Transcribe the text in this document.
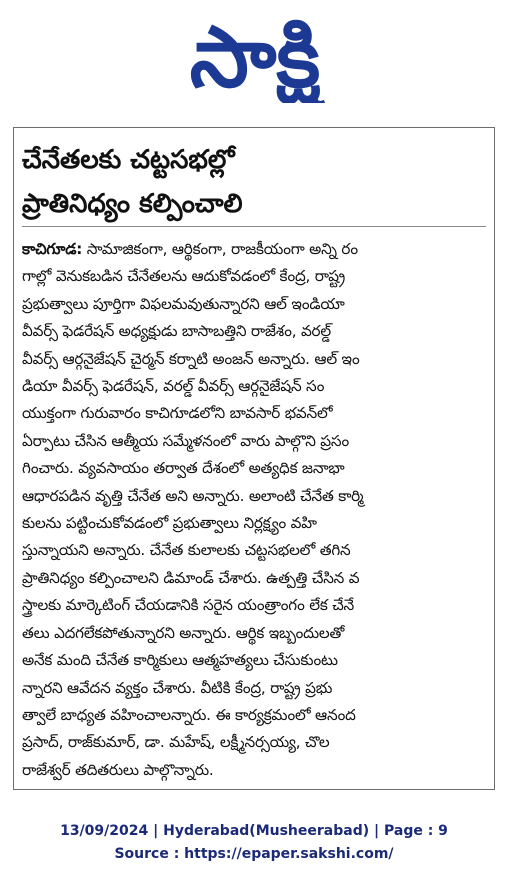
సాక్షి
చేనేతలకు చట్టసభల్లో
ప్రాతినిధ్యం కల్పించాలి
కాచిగూడ: సామాజికంగా, ఆర్థికంగా, రాజకీయంగా అన్ని రం
గాల్లో వెనుకబడిన చేనేతలను ఆదుకోవడంలో కేంద్ర, రాష్ట్ర
ప్రభుత్వాలు పూర్తిగా విఫలమవుతున్నారని ఆల్ ఇండియా
వీవర్స్ ఫెడరేషన్ అధ్యక్షుడు బాసాబత్తిని రాజేశం, వరల్డ్
వీవర్స్ ఆర్గనైజేషన్ చైర్మన్ కర్నాటి అంజన్ అన్నారు. ఆల్ ఇం
డియా వీవర్స్ ఫెడరేషన్, వరల్డ్ వీవర్స్ ఆర్గనైజేషన్ సం
యుక్తంగా గురువారం కాచిగూడలోని బావసార్ భవన్‌లో
ఏర్పాటు చేసిన ఆత్మీయ సమ్మేళనంలో వారు పాల్గొని ప్రసం
గించారు. వ్యవసాయం తర్వాత దేశంలో అత్యధిక జనాభా
ఆధారపడిన వృత్తి చేనేత అని అన్నారు. అలాంటి చేనేత కార్మి
కులను పట్టించుకోవడంలో ప్రభుత్వాలు నిర్లక్ష్యం వహి
స్తున్నాయని అన్నారు. చేనేత కులాలకు చట్టసభలలో తగిన
ప్రాతినిధ్యం కల్పించాలని డిమాండ్ చేశారు. ఉత్పత్తి చేసిన వ
స్త్రాలకు మార్కెటింగ్ చేయడానికి సరైన యంత్రాంగం లేక చేనే
తలు ఎదగలేకపోతున్నారని అన్నారు. ఆర్థిక ఇబ్బందులతో
అనేక మంది చేనేత కార్మికులు ఆత్మహత్యలు చేసుకుంటు
న్నారని ఆవేదన వ్యక్తం చేశారు. వీటికి కేంద్ర, రాష్ట్ర ప్రభు
త్వాలే బాధ్యత వహించాలన్నారు. ఈ కార్యక్రమంలో ఆనంద
ప్రసాద్, రాజ్‌కుమార్, డా. మహేష్, లక్ష్మీనర్సయ్య, చొల
రాజేశ్వర్ తదితరులు పాల్గొన్నారు.
13/09/2024 | Hyderabad(Musheerabad) | Page : 9
Source : https://epaper.sakshi.com/
